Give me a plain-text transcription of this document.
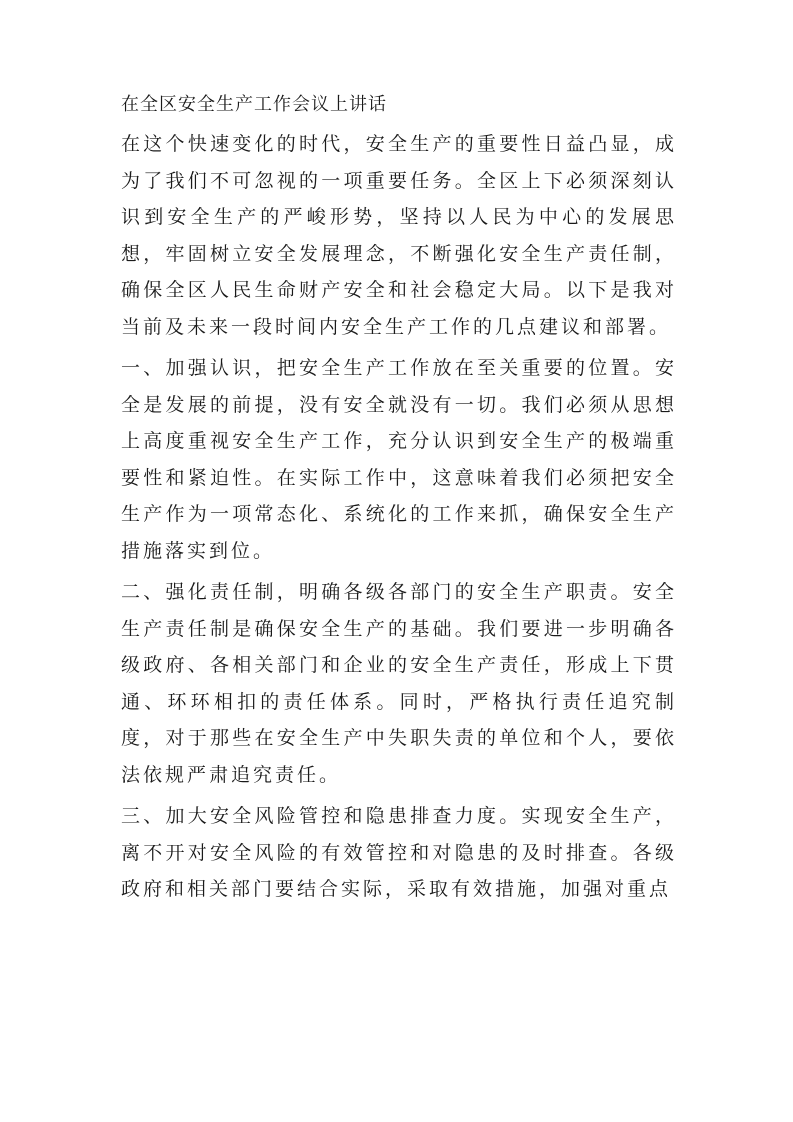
在全区安全生产工作会议上讲话

在这个快速变化的时代，安全生产的重要性日益凸显，成为了我们不可忽视的一项重要任务。全区上下必须深刻认识到安全生产的严峻形势，坚持以人民为中心的发展思想，牢固树立安全发展理念，不断强化安全生产责任制，确保全区人民生命财产安全和社会稳定大局。以下是我对当前及未来一段时间内安全生产工作的几点建议和部署。

一、加强认识，把安全生产工作放在至关重要的位置。安全是发展的前提，没有安全就没有一切。我们必须从思想上高度重视安全生产工作，充分认识到安全生产的极端重要性和紧迫性。在实际工作中，这意味着我们必须把安全生产作为一项常态化、系统化的工作来抓，确保安全生产措施落实到位。

二、强化责任制，明确各级各部门的安全生产职责。安全生产责任制是确保安全生产的基础。我们要进一步明确各级政府、各相关部门和企业的安全生产责任，形成上下贯通、环环相扣的责任体系。同时，严格执行责任追究制度，对于那些在安全生产中失职失责的单位和个人，要依法依规严肃追究责任。

三、加大安全风险管控和隐患排查力度。实现安全生产，离不开对安全风险的有效管控和对隐患的及时排查。各级政府和相关部门要结合实际，采取有效措施，加强对重点
